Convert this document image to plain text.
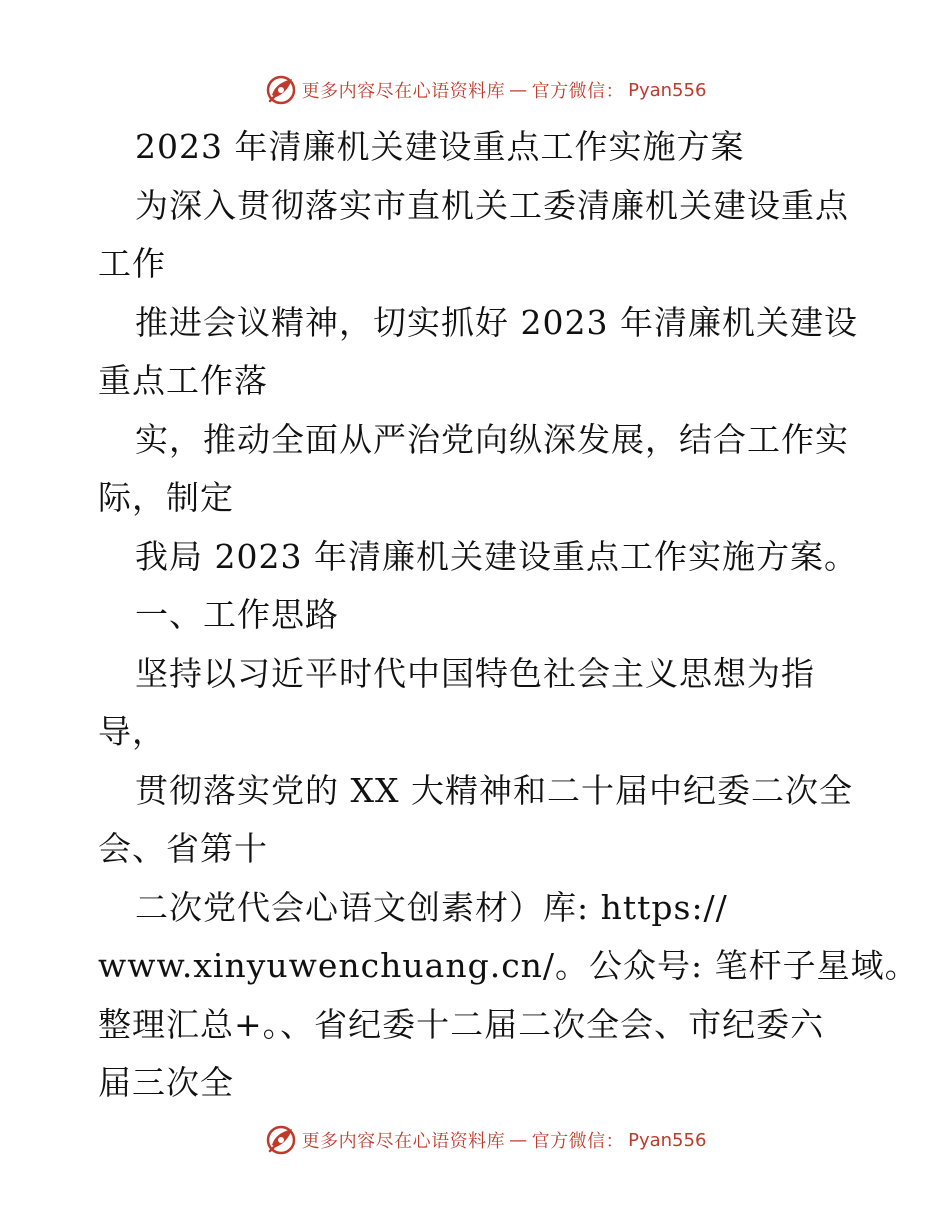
更多内容尽在心语资料库 — 官方微信： Pyan556
2023 年清廉机关建设重点工作实施方案
为深入贯彻落实市直机关工委清廉机关建设重点
工作
推进会议精神，切实抓好 2023 年清廉机关建设
重点工作落
实，推动全面从严治党向纵深发展，结合工作实
际，制定
我局 2023 年清廉机关建设重点工作实施方案。
一、工作思路
坚持以习近平时代中国特色社会主义思想为指
导，
贯彻落实党的 XX 大精神和二十届中纪委二次全
会、省第十
二次党代会心语文创素材）库: https://
www.xinyuwenchuang.cn/。公众号: 笔杆子星域。
整理汇总+。、省纪委十二届二次全会、市纪委六
届三次全
更多内容尽在心语资料库 — 官方微信： Pyan556
